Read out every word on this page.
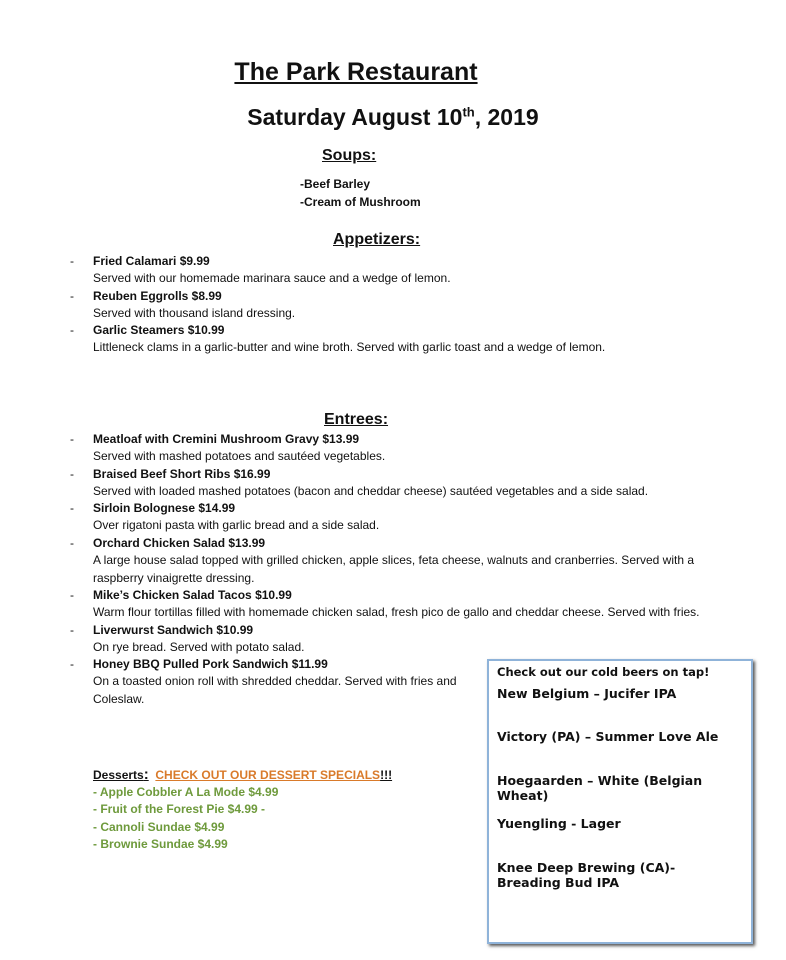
The Park Restaurant
Saturday August 10th, 2019
Soups:
-Beef Barley
-Cream of Mushroom
Appetizers:
- Fried Calamari $9.99
Served with our homemade marinara sauce and a wedge of lemon.
- Reuben Eggrolls $8.99
Served with thousand island dressing.
- Garlic Steamers $10.99
Littleneck clams in a garlic-butter and wine broth. Served with garlic toast and a wedge of lemon.
Entrees:
- Meatloaf with Cremini Mushroom Gravy $13.99
Served with mashed potatoes and sautéed vegetables.
- Braised Beef Short Ribs $16.99
Served with loaded mashed potatoes (bacon and cheddar cheese) sautéed vegetables and a side salad.
- Sirloin Bolognese $14.99
Over rigatoni pasta with garlic bread and a side salad.
- Orchard Chicken Salad $13.99
A large house salad topped with grilled chicken, apple slices, feta cheese, walnuts and cranberries. Served with a raspberry vinaigrette dressing.
- Mike’s Chicken Salad Tacos $10.99
Warm flour tortillas filled with homemade chicken salad, fresh pico de gallo and cheddar cheese. Served with fries.
- Liverwurst Sandwich $10.99
On rye bread. Served with potato salad.
- Honey BBQ Pulled Pork Sandwich $11.99
On a toasted onion roll with shredded cheddar. Served with fries and Coleslaw.
Desserts: CHECK OUT OUR DESSERT SPECIALS!!!
- Apple Cobbler A La Mode $4.99
- Fruit of the Forest Pie $4.99 -
- Cannoli Sundae $4.99
- Brownie Sundae $4.99
Check out our cold beers on tap!
New Belgium – Jucifer IPA
Victory (PA) – Summer Love Ale
Hoegaarden – White (Belgian Wheat)
Yuengling - Lager
Knee Deep Brewing (CA)- Breading Bud IPA
